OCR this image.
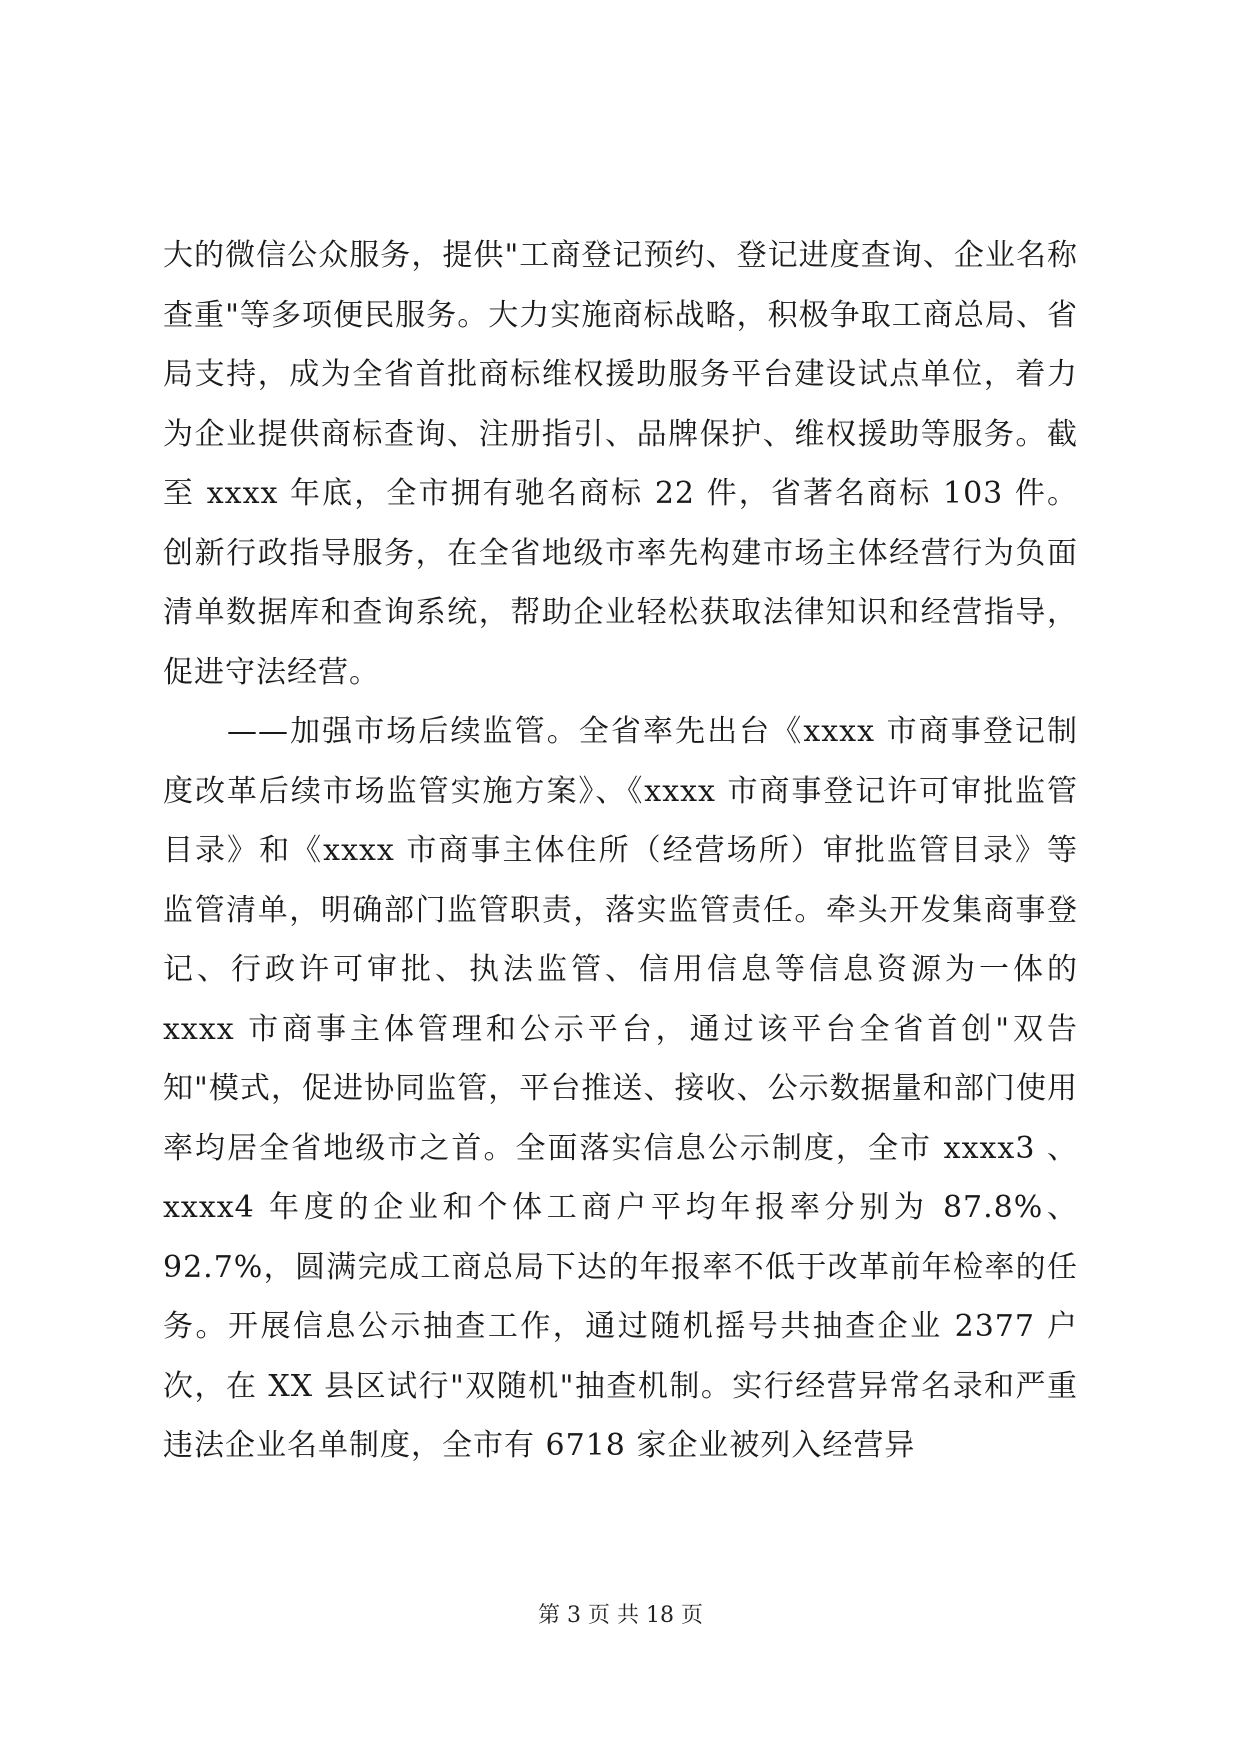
大的微信公众服务，提供"工商登记预约、登记进度查询、企业名称查重"等多项便民服务。大力实施商标战略，积极争取工商总局、省局支持，成为全省首批商标维权援助服务平台建设试点单位，着力为企业提供商标查询、注册指引、品牌保护、维权援助等服务。截至 xxxx 年底，全市拥有驰名商标 22 件，省著名商标 103 件。创新行政指导服务，在全省地级市率先构建市场主体经营行为负面清单数据库和查询系统，帮助企业轻松获取法律知识和经营指导，促进守法经营。

——加强市场后续监管。全省率先出台《xxxx 市商事登记制度改革后续市场监管实施方案》、《xxxx 市商事登记许可审批监管目录》和《xxxx 市商事主体住所（经营场所）审批监管目录》等监管清单，明确部门监管职责，落实监管责任。牵头开发集商事登记、行政许可审批、执法监管、信用信息等信息资源为一体的 xxxx 市商事主体管理和公示平台，通过该平台全省首创"双告知"模式，促进协同监管，平台推送、接收、公示数据量和部门使用率均居全省地级市之首。全面落实信息公示制度，全市 xxxx3 、 xxxx4 年度的企业和个体工商户平均年报率分别为 87.8%、92.7%，圆满完成工商总局下达的年报率不低于改革前年检率的任务。开展信息公示抽查工作，通过随机摇号共抽查企业 2377 户次，在 XX 县区试行"双随机"抽查机制。实行经营异常名录和严重违法企业名单制度，全市有 6718 家企业被列入经营异

第 3 页 共 18 页
